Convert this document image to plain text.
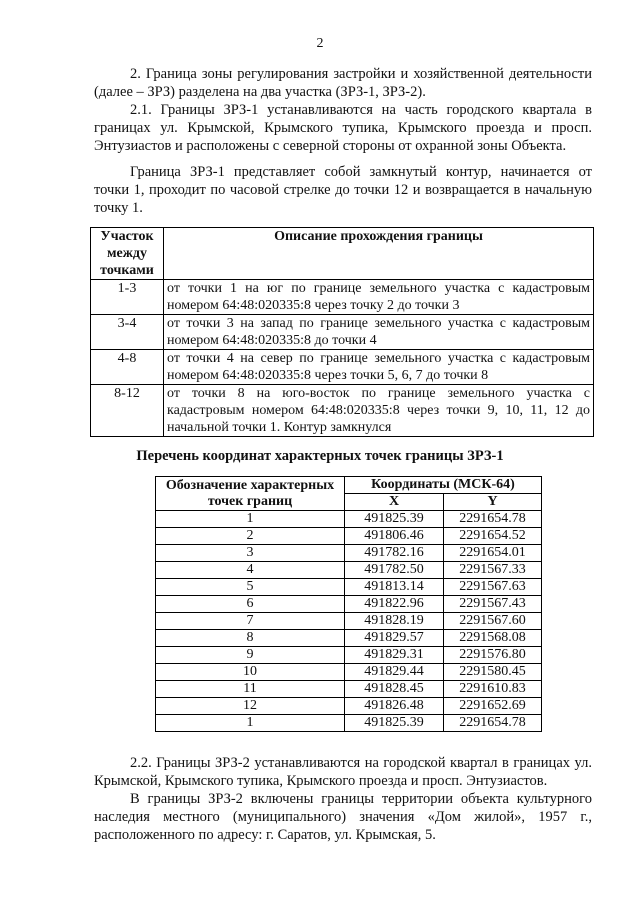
2

2. Граница зоны регулирования застройки и хозяйственной деятельности (далее – ЗРЗ) разделена на два участка (ЗРЗ-1, ЗРЗ-2).

2.1. Границы ЗРЗ-1 устанавливаются на часть городского квартала в границах ул. Крымской, Крымского тупика, Крымского проезда и просп. Энтузиастов и расположены с северной стороны от охранной зоны Объекта.

Граница ЗРЗ-1 представляет собой замкнутый контур, начинается от точки 1, проходит по часовой стрелке до точки 12 и возвращается в начальную точку 1.

Участок между точками	Описание прохождения границы
1-3	от точки 1 на юг по границе земельного участка с кадастровым номером 64:48:020335:8 через точку 2 до точки 3
3-4	от точки 3 на запад по границе земельного участка с кадастровым номером 64:48:020335:8 до точки 4
4-8	от точки 4 на север по границе земельного участка с кадастровым номером 64:48:020335:8 через точки 5, 6, 7 до точки 8
8-12	от точки 8 на юго-восток по границе земельного участка с кадастровым номером 64:48:020335:8 через точки 9, 10, 11, 12 до начальной точки 1. Контур замкнулся
Перечень координат характерных точек границы ЗРЗ-1
Обозначение характерных точек границ	Координаты (МСК-64)	
	X	Y
1	491825.39	2291654.78
2	491806.46	2291654.52
3	491782.16	2291654.01
4	491782.50	2291567.33
5	491813.14	2291567.63
6	491822.96	2291567.43
7	491828.19	2291567.60
8	491829.57	2291568.08
9	491829.31	2291576.80
10	491829.44	2291580.45
11	491828.45	2291610.83
12	491826.48	2291652.69
1	491825.39	2291654.78

2.2. Границы ЗРЗ-2 устанавливаются на городской квартал в границах ул. Крымской, Крымского тупика, Крымского проезда и просп. Энтузиастов.

В границы ЗРЗ-2 включены границы территории объекта культурного наследия местного (муниципального) значения «Дом жилой», 1957 г., расположенного по адресу: г. Саратов, ул. Крымская, 5.
